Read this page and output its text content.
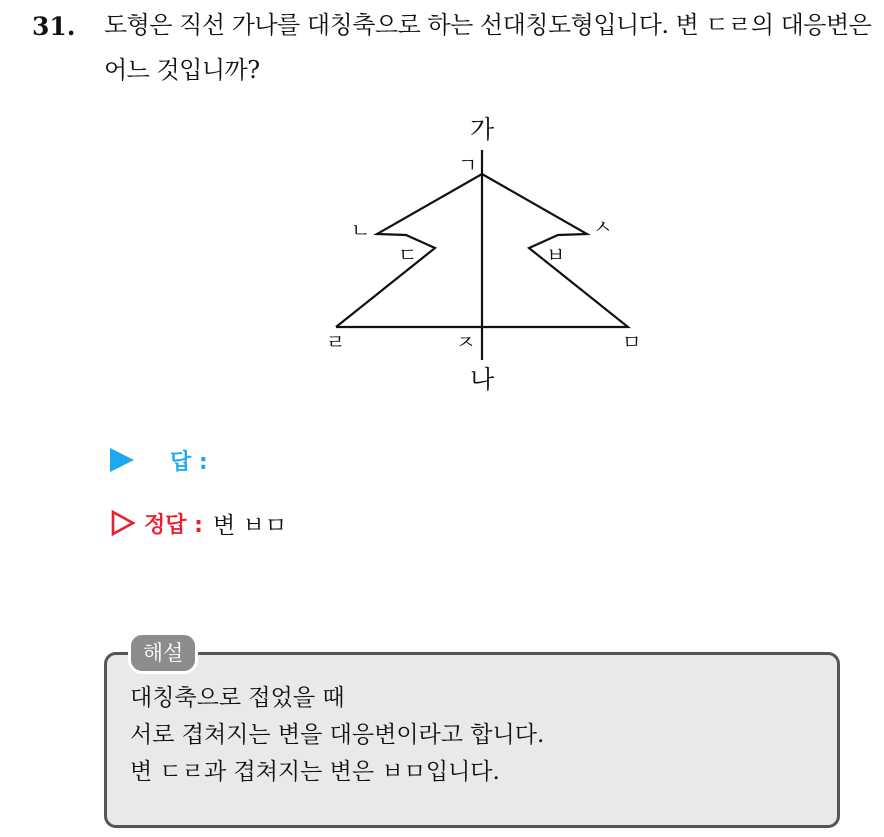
31. 도형은 직선 가나를 대칭축으로 하는 선대칭도형입니다. 변 ㄷㄹ의 대응변은 어느 것입니까?
가
ㄱ
ㄴ
ㄷ	ㅂ
ㅅ
ㄹ	ㅈ	ㅁ
나
답 :
정답 : 변 ㅂㅁ
해설
대칭축으로 접었을 때
서로 겹쳐지는 변을 대응변이라고 합니다.
변 ㄷㄹ과 겹쳐지는 변은 ㅂㅁ입니다.
